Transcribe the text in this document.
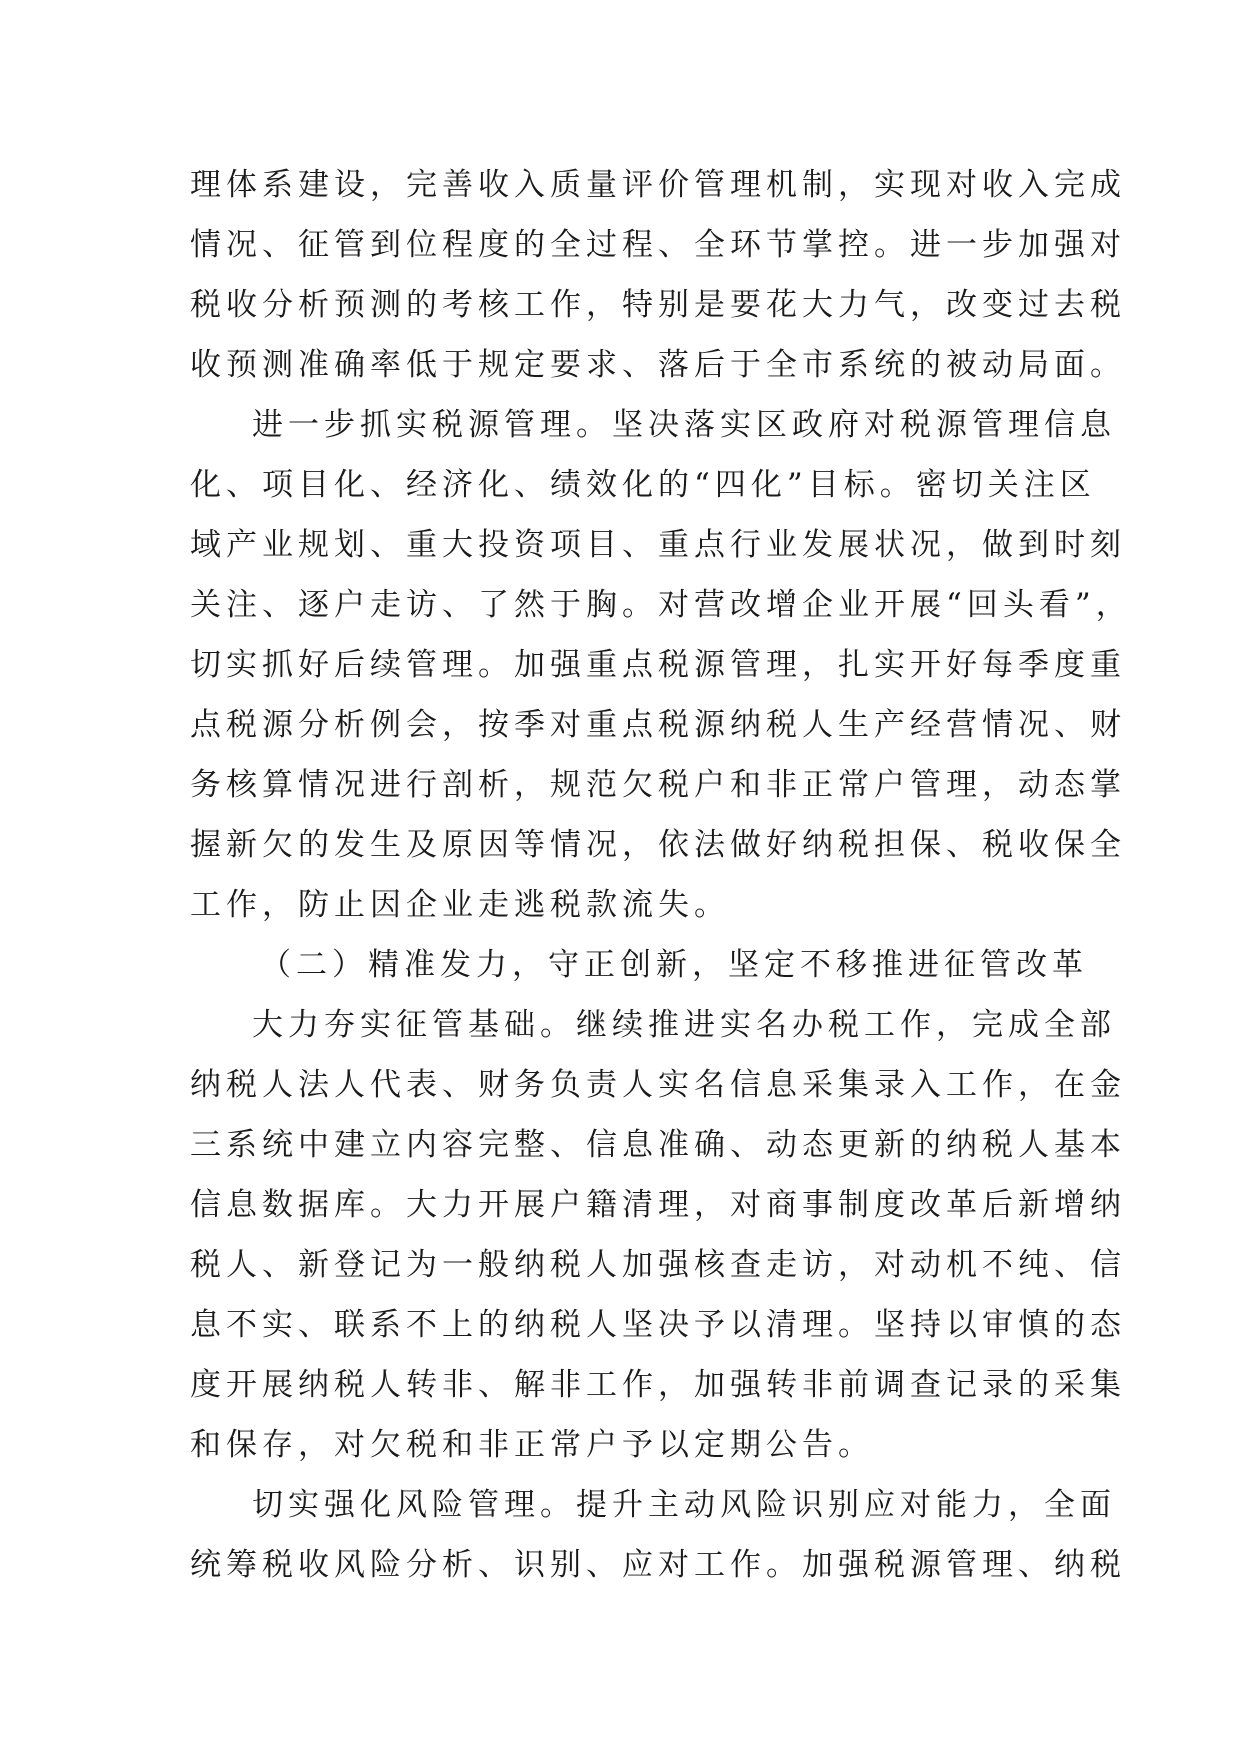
理体系建设，完善收入质量评价管理机制，实现对收入完成
情况、征管到位程度的全过程、全环节掌控。进一步加强对
税收分析预测的考核工作，特别是要花大力气，改变过去税
收预测准确率低于规定要求、落后于全市系统的被动局面。
进一步抓实税源管理。坚决落实区政府对税源管理信息
化、项目化、经济化、绩效化的“四化”目标。密切关注区
域产业规划、重大投资项目、重点行业发展状况，做到时刻
关注、逐户走访、了然于胸。对营改增企业开展“回头看”，
切实抓好后续管理。加强重点税源管理，扎实开好每季度重
点税源分析例会，按季对重点税源纳税人生产经营情况、财
务核算情况进行剖析，规范欠税户和非正常户管理，动态掌
握新欠的发生及原因等情况，依法做好纳税担保、税收保全
工作，防止因企业走逃税款流失。
（二）精准发力，守正创新，坚定不移推进征管改革
大力夯实征管基础。继续推进实名办税工作，完成全部
纳税人法人代表、财务负责人实名信息采集录入工作，在金
三系统中建立内容完整、信息准确、动态更新的纳税人基本
信息数据库。大力开展户籍清理，对商事制度改革后新增纳
税人、新登记为一般纳税人加强核查走访，对动机不纯、信
息不实、联系不上的纳税人坚决予以清理。坚持以审慎的态
度开展纳税人转非、解非工作，加强转非前调查记录的采集
和保存，对欠税和非正常户予以定期公告。
切实强化风险管理。提升主动风险识别应对能力，全面
统筹税收风险分析、识别、应对工作。加强税源管理、纳税
